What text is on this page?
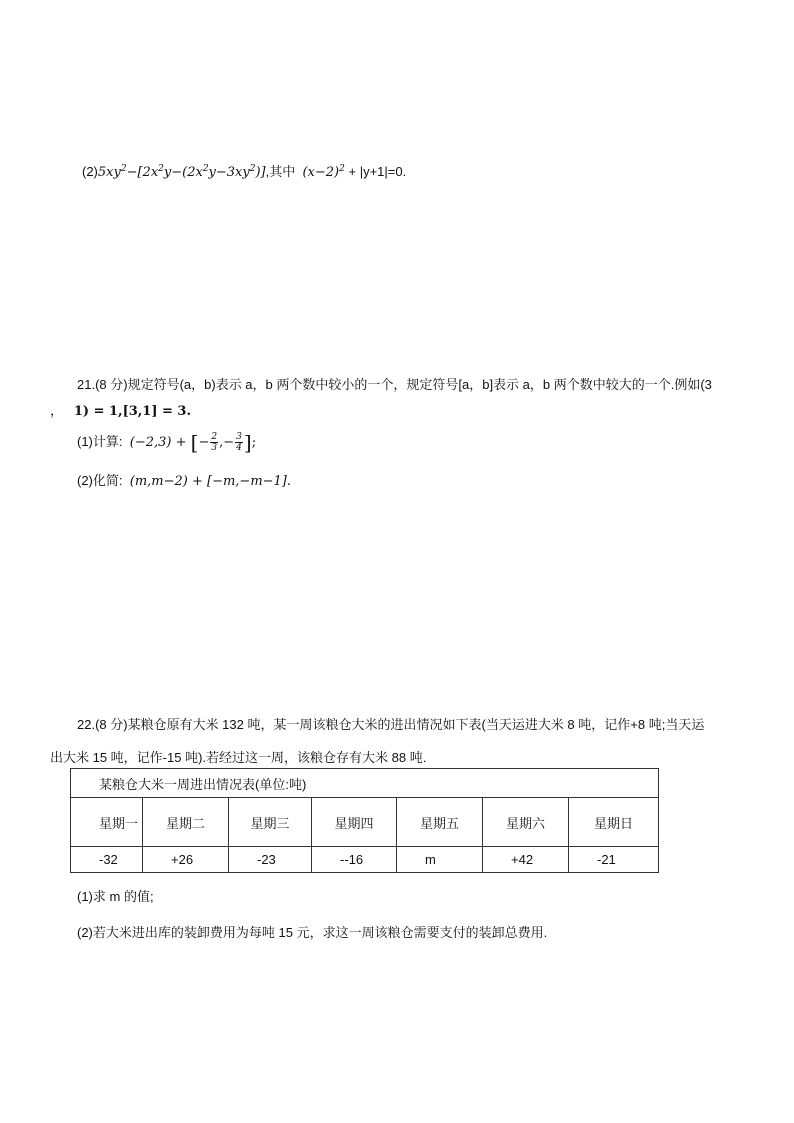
$(2)5xy^2-[2x^2y-(2x^2y-3xy^2)]$,其中 $(x-2)^2 + |y+1|=0$.
21.(8 分)规定符号(a，b)表示 a，b 两个数中较小的一个，规定符号[a，b]表示 a，b 两个数中较大的一个.例如(3
， 1) = 1,[3,1] = 3.
(1)计算: (−2,3) + [− $\frac{2}{3}$ ,− $\frac{3}{4}$ ];
(2)化简: (m,m−2) + [−m,−m−1].
22.(8 分)某粮仓原有大米 132 吨，某一周该粮仓大米的进出情况如下表(当天运进大米 8 吨，记作+8 吨;当天运
出大米 15 吨，记作-15 吨).若经过这一周，该粮仓存有大米 88 吨.
某粮仓大米一周进出情况表(单位:吨)						
星期一	星期二	星期三	星期四	星期五	星期六	星期日
-32	+26	-23	--16	m	+42	-21
(1)求 m 的值;
(2)若大米进出库的装卸费用为每吨 15 元，求这一周该粮仓需要支付的装卸总费用.
